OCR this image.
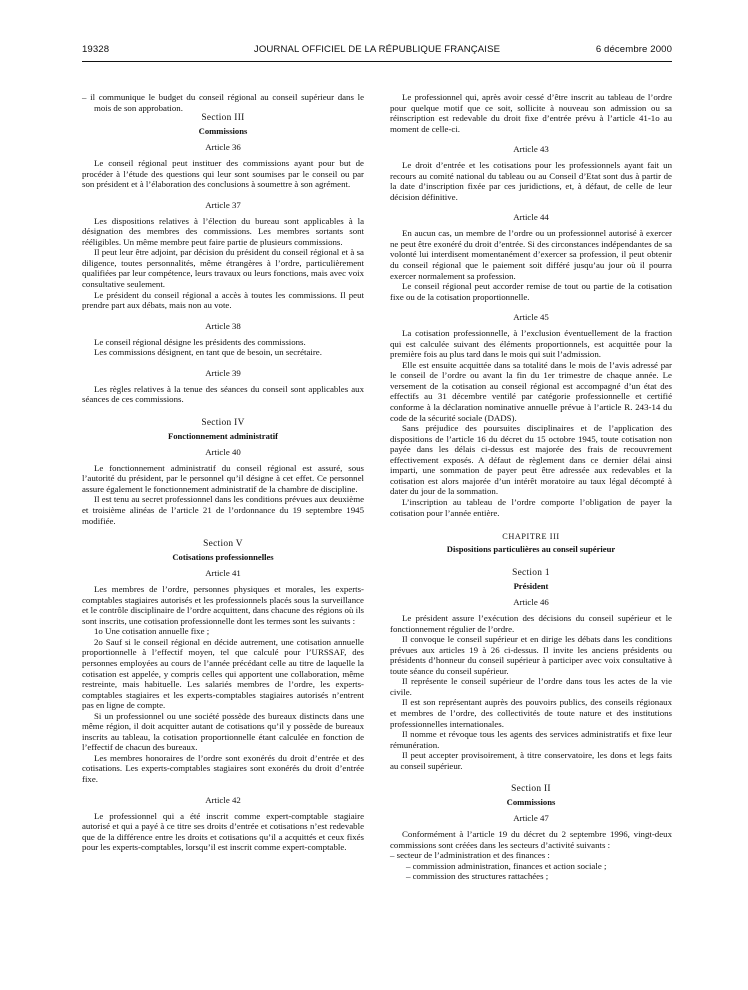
19328	JOURNAL OFFICIEL DE LA RÉPUBLIQUE FRANÇAISE	6 décembre 2000

– il communique le budget du conseil régional au conseil supérieur dans le mois de son approbation.

Section III
Commissions
Article 36

Le conseil régional peut instituer des commissions ayant pour but de procéder à l’étude des questions qui leur sont soumises par le conseil ou par son président et à l’élaboration des conclusions à soumettre à son agrément.

Article 37

Les dispositions relatives à l’élection du bureau sont applicables à la désignation des membres des commissions. Les membres sortants sont rééligibles. Un même membre peut faire partie de plusieurs commissions.

Il peut leur être adjoint, par décision du président du conseil régional et à sa diligence, toutes personnalités, même étrangères à l’ordre, particulièrement qualifiées par leur compétence, leurs travaux ou leurs fonctions, mais avec voix consultative seulement.

Le président du conseil régional a accès à toutes les commissions. Il peut prendre part aux débats, mais non au vote.

Article 38

Le conseil régional désigne les présidents des commissions.

Les commissions désignent, en tant que de besoin, un secrétaire.

Article 39

Les règles relatives à la tenue des séances du conseil sont applicables aux séances de ces commissions.

Section IV
Fonctionnement administratif
Article 40

Le fonctionnement administratif du conseil régional est assuré, sous l’autorité du président, par le personnel qu’il désigne à cet effet. Ce personnel assure également le fonctionnement administratif de la chambre de discipline.

Il est tenu au secret professionnel dans les conditions prévues aux deuxième et troisième alinéas de l’article 21 de l’ordonnance du 19 septembre 1945 modifiée.

Section V
Cotisations professionnelles
Article 41

Les membres de l’ordre, personnes physiques et morales, les experts-comptables stagiaires autorisés et les professionnels placés sous la surveillance et le contrôle disciplinaire de l’ordre acquittent, dans chacune des régions où ils sont inscrits, une cotisation professionnelle dont les termes sont les suivants :

1o Une cotisation annuelle fixe ;

2o Sauf si le conseil régional en décide autrement, une cotisation annuelle proportionnelle à l’effectif moyen, tel que calculé pour l’URSSAF, des personnes employées au cours de l’année précédant celle au titre de laquelle la cotisation est appelée, y compris celles qui apportent une collaboration, même restreinte, mais habituelle. Les salariés membres de l’ordre, les experts-comptables stagiaires et les experts-comptables stagiaires autorisés n’entrent pas en ligne de compte.

Si un professionnel ou une société possède des bureaux distincts dans une même région, il doit acquitter autant de cotisations qu’il y possède de bureaux inscrits au tableau, la cotisation proportionnelle étant calculée en fonction de l’effectif de chacun des bureaux.

Les membres honoraires de l’ordre sont exonérés du droit d’entrée et des cotisations. Les experts-comptables stagiaires sont exonérés du droit d’entrée fixe.

Article 42

Le professionnel qui a été inscrit comme expert-comptable stagiaire autorisé et qui a payé à ce titre ses droits d’entrée et cotisations n’est redevable que de la différence entre les droits et cotisations qu’il a acquittés et ceux fixés pour les experts-comptables, lorsqu’il est inscrit comme expert-comptable.

Le professionnel qui, après avoir cessé d’être inscrit au tableau de l’ordre pour quelque motif que ce soit, sollicite à nouveau son admission ou sa réinscription est redevable du droit fixe d’entrée prévu à l’article 41-1o au moment de celle-ci.

Article 43

Le droit d’entrée et les cotisations pour les professionnels ayant fait un recours au comité national du tableau ou au Conseil d’Etat sont dus à partir de la date d’inscription fixée par ces juridictions, et, à défaut, de celle de leur décision définitive.

Article 44

En aucun cas, un membre de l’ordre ou un professionnel autorisé à exercer ne peut être exonéré du droit d’entrée. Si des circonstances indépendantes de sa volonté lui interdisent momentanément d’exercer sa profession, il peut obtenir du conseil régional que le paiement soit différé jusqu’au jour où il pourra exercer normalement sa profession.

Le conseil régional peut accorder remise de tout ou partie de la cotisation fixe ou de la cotisation proportionnelle.

Article 45

La cotisation professionnelle, à l’exclusion éventuellement de la fraction qui est calculée suivant des éléments proportionnels, est acquittée pour la première fois au plus tard dans le mois qui suit l’admission.

Elle est ensuite acquittée dans sa totalité dans le mois de l’avis adressé par le conseil de l’ordre ou avant la fin du 1er trimestre de chaque année. Le versement de la cotisation au conseil régional est accompagné d’un état des effectifs au 31 décembre ventilé par catégorie professionnelle et certifié conforme à la déclaration nominative annuelle prévue à l’article R. 243-14 du code de la sécurité sociale (DADS).

Sans préjudice des poursuites disciplinaires et de l’application des dispositions de l’article 16 du décret du 15 octobre 1945, toute cotisation non payée dans les délais ci-dessus est majorée des frais de recouvrement effectivement exposés. A défaut de règlement dans ce dernier délai ainsi imparti, une sommation de payer peut être adressée aux redevables et la cotisation est alors majorée d’un intérêt moratoire au taux légal décompté à dater du jour de la sommation.

L’inscription au tableau de l’ordre comporte l’obligation de payer la cotisation pour l’année entière.

CHAPITRE III
Dispositions particulières au conseil supérieur
Section 1
Président
Article 46

Le président assure l’exécution des décisions du conseil supérieur et le fonctionnement régulier de l’ordre.

Il convoque le conseil supérieur et en dirige les débats dans les conditions prévues aux articles 19 à 26 ci-dessus. Il invite les anciens présidents ou présidents d’honneur du conseil supérieur à participer avec voix consultative à toute séance du conseil supérieur.

Il représente le conseil supérieur de l’ordre dans tous les actes de la vie civile.

Il est son représentant auprès des pouvoirs publics, des conseils régionaux et membres de l’ordre, des collectivités de toute nature et des institutions professionnelles internationales.

Il nomme et révoque tous les agents des services administratifs et fixe leur rémunération.

Il peut accepter provisoirement, à titre conservatoire, les dons et legs faits au conseil supérieur.

Section II
Commissions
Article 47

Conformément à l’article 19 du décret du 2 septembre 1996, vingt-deux commissions sont créées dans les secteurs d’activité suivants :

– secteur de l’administration et des finances :

– commission administration, finances et action sociale ;

– commission des structures rattachées ;
